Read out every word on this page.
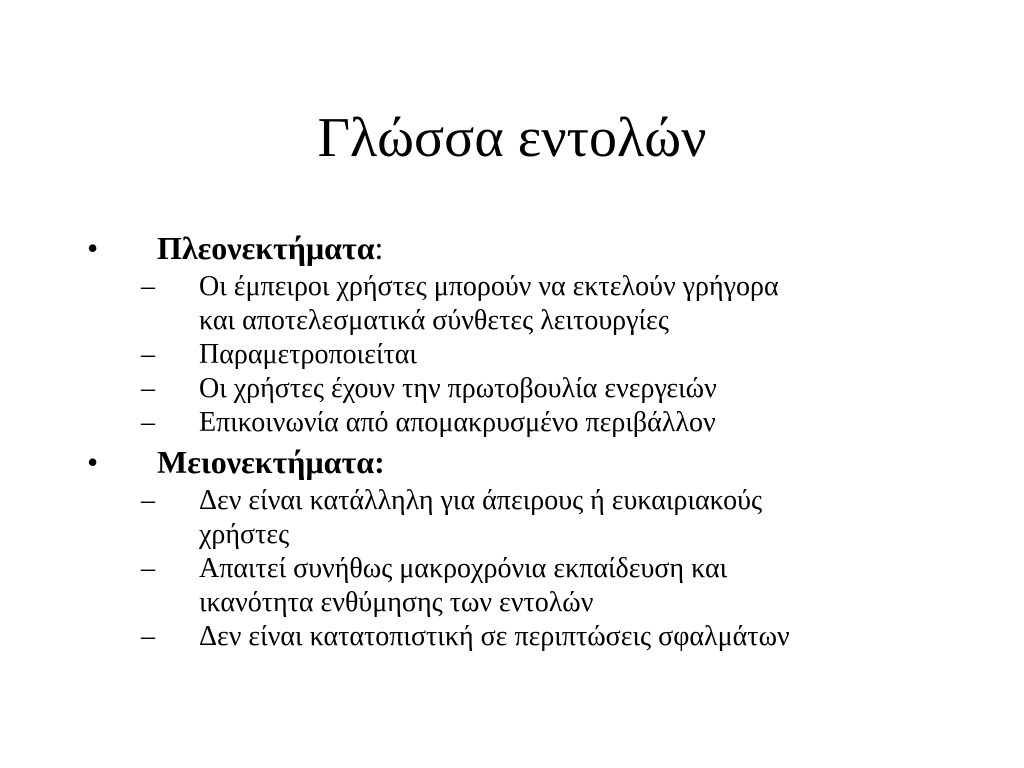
Γλώσσα εντολών
• Πλεονεκτήματα:
– Οι έμπειροι χρήστες μπορούν να εκτελούν γρήγορα
και αποτελεσματικά σύνθετες λειτουργίες
– Παραμετροποιείται
– Οι χρήστες έχουν την πρωτοβουλία ενεργειών
– Επικοινωνία από απομακρυσμένο περιβάλλον
• Μειονεκτήματα:
– Δεν είναι κατάλληλη για άπειρους ή ευκαιριακούς
χρήστες
– Απαιτεί συνήθως μακροχρόνια εκπαίδευση και
ικανότητα ενθύμησης των εντολών
– Δεν είναι κατατοπιστική σε περιπτώσεις σφαλμάτων
